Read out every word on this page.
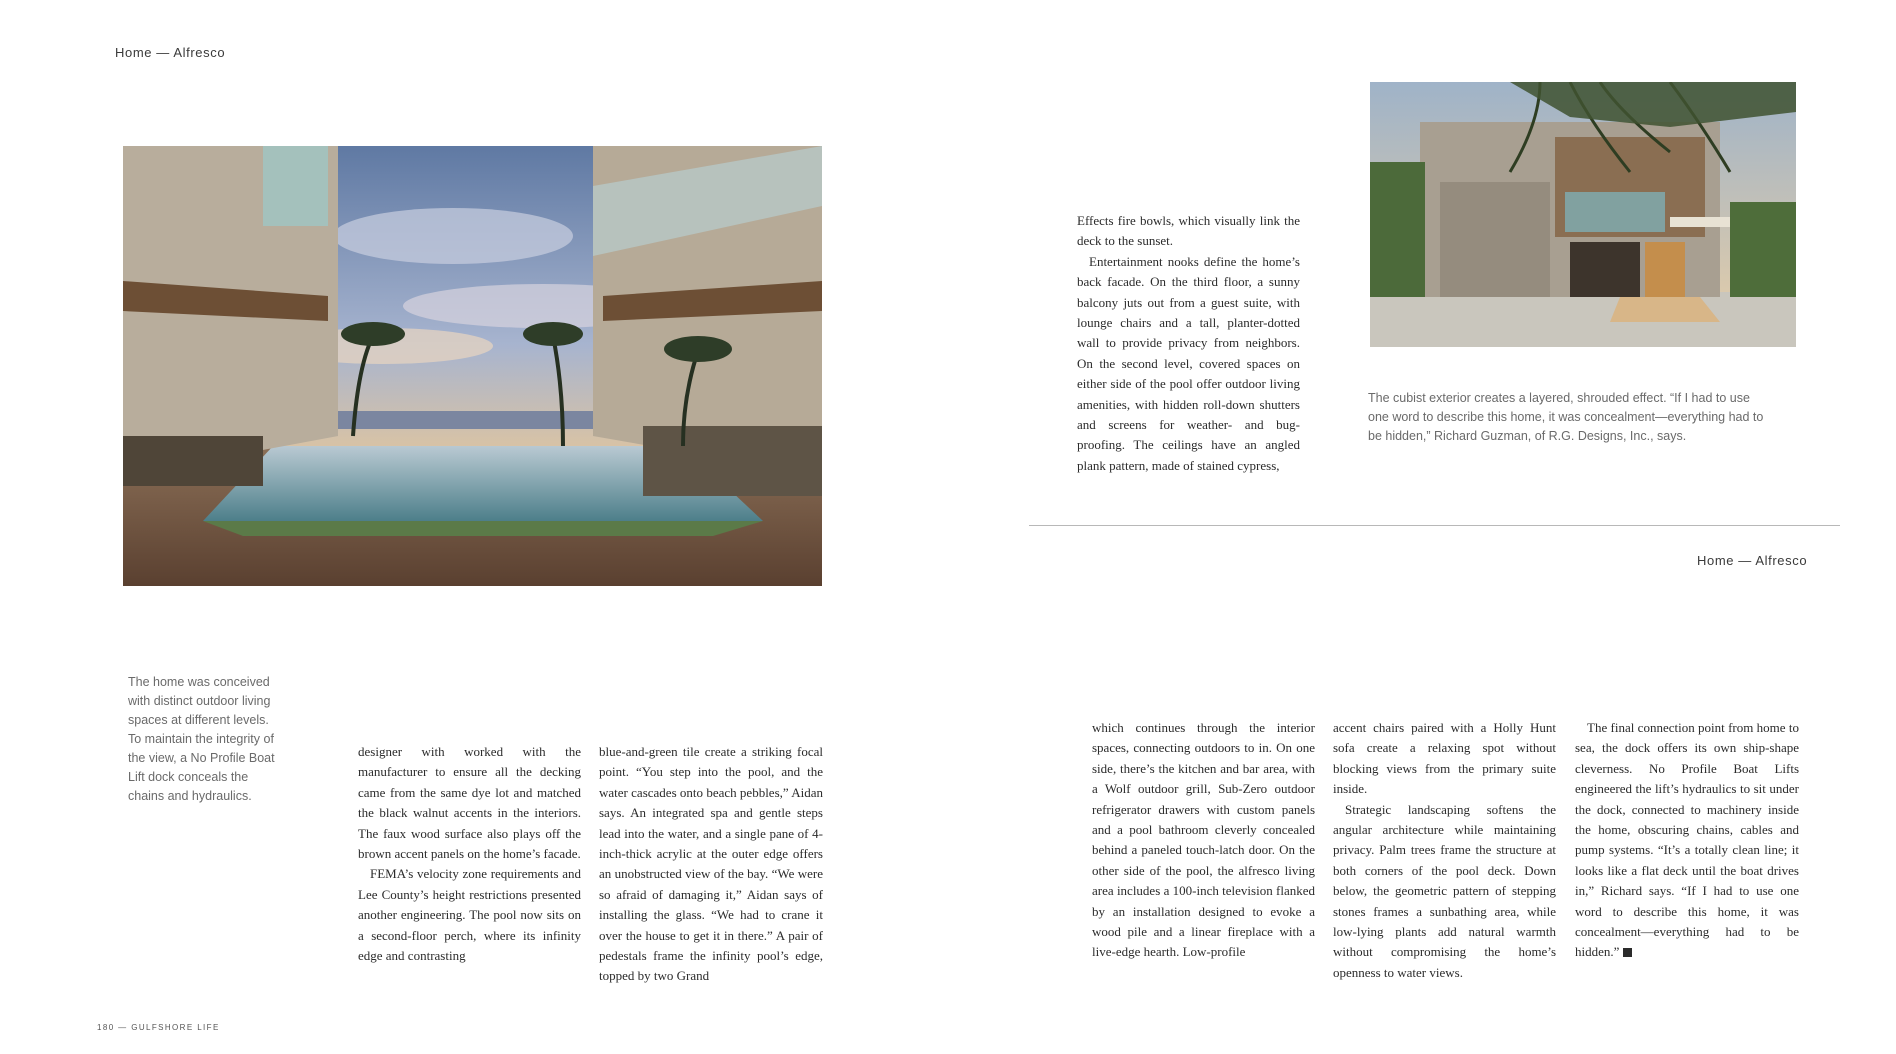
Home — Alfresco
The home was conceived with distinct outdoor living spaces at different levels. To maintain the integrity of the view, a No Profile Boat Lift dock conceals the chains and hydraulics.

designer with worked with the manufacturer to ensure all the decking came from the same dye lot and matched the black walnut accents in the interiors. The faux wood surface also plays off the brown accent panels on the home’s facade.

FEMA’s velocity zone requirements and Lee County’s height restrictions presented another engineering. The pool now sits on a second-floor perch, where its infinity edge and contrasting

blue-and-green tile create a striking focal point. “You step into the pool, and the water cascades onto beach pebbles,” Aidan says. An integrated spa and gentle steps lead into the water, and a single pane of 4-inch-thick acrylic at the outer edge offers an unobstructed view of the bay. “We were so afraid of damaging it,” Aidan says of installing the glass. “We had to crane it over the house to get it in there.” A pair of pedestals frame the infinity pool’s edge, topped by two Grand

180 — GULFSHORE LIFE

Effects fire bowls, which visually link the deck to the sunset.

Entertainment nooks define the home’s back facade. On the third floor, a sunny balcony juts out from a guest suite, with lounge chairs and a tall, planter-dotted wall to provide privacy from neighbors. On the second level, covered spaces on either side of the pool offer outdoor living amenities, with hidden roll-down shutters and screens for weather- and bug-proofing. The ceilings have an angled plank pattern, made of stained cypress,

The cubist exterior creates a layered, shrouded effect. “If I had to use one word to describe this home, it was concealment—everything had to be hidden,” Richard Guzman, of R.G. Designs, Inc., says.
Home — Alfresco

which continues through the interior spaces, connecting outdoors to in. On one side, there’s the kitchen and bar area, with a Wolf outdoor grill, Sub-Zero outdoor refrigerator drawers with custom panels and a pool bathroom cleverly concealed behind a paneled touch-latch door. On the other side of the pool, the alfresco living area includes a 100-inch television flanked by an installation designed to evoke a wood pile and a linear fireplace with a live-edge hearth. Low-profile

accent chairs paired with a Holly Hunt sofa create a relaxing spot without blocking views from the primary suite inside.

Strategic landscaping softens the angular architecture while maintaining privacy. Palm trees frame the structure at both corners of the pool deck. Down below, the geometric pattern of stepping stones frames a sunbathing area, while low-lying plants add natural warmth without compromising the home’s openness to water views.

The final connection point from home to sea, the dock offers its own ship-shape cleverness. No Profile Boat Lifts engineered the lift’s hydraulics to sit under the dock, connected to machinery inside the home, obscuring chains, cables and pump systems. “It’s a totally clean line; it looks like a flat deck until the boat drives in,” Richard says. “If I had to use one word to describe this home, it was concealment—everything had to be hidden.”
